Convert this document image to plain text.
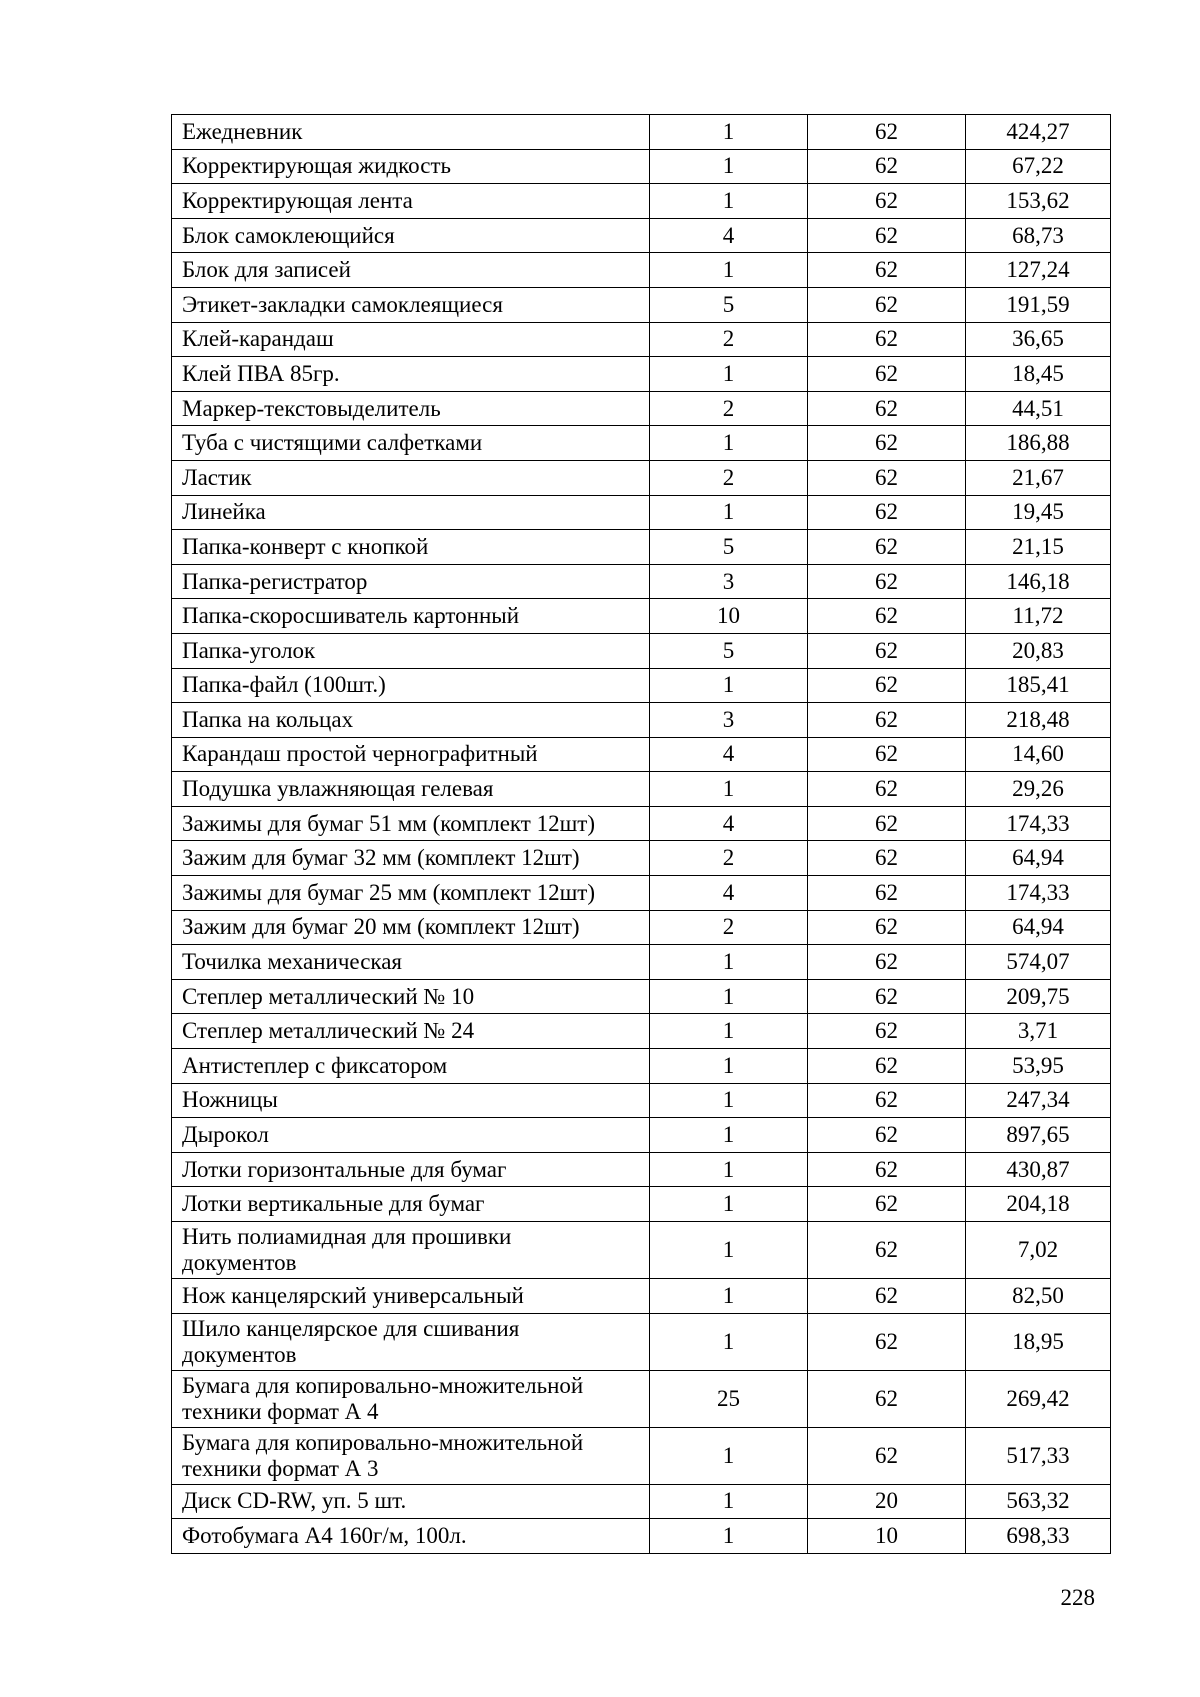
Ежедневник	1	62	424,27

Корректирующая жидкость	1	62	67,22

Корректирующая лента	1	62	153,62

Блок самоклеющийся	4	62	68,73

Блок для записей	1	62	127,24

Этикет-закладки самоклеящиеся	5	62	191,59

Клей-карандаш	2	62	36,65

Клей ПВА 85гр.	1	62	18,45

Маркер-текстовыделитель	2	62	44,51

Туба с чистящими салфетками	1	62	186,88

Ластик	2	62	21,67

Линейка	1	62	19,45

Папка-конверт с кнопкой	5	62	21,15

Папка-регистратор	3	62	146,18

Папка-скоросшиватель картонный	10	62	11,72

Папка-уголок	5	62	20,83

Папка-файл (100шт.)	1	62	185,41

Папка на кольцах	3	62	218,48

Карандаш простой чернографитный	4	62	14,60

Подушка увлажняющая гелевая	1	62	29,26

Зажимы для бумаг 51 мм (комплект 12шт)	4	62	174,33

Зажим для бумаг 32 мм (комплект 12шт)	2	62	64,94

Зажимы для бумаг 25 мм (комплект 12шт)	4	62	174,33

Зажим для бумаг 20 мм (комплект 12шт)	2	62	64,94

Точилка механическая	1	62	574,07

Степлер металлический № 10	1	62	209,75

Степлер металлический № 24	1	62	3,71

Антистеплер с фиксатором	1	62	53,95

Ножницы	1	62	247,34

Дырокол	1	62	897,65

Лотки горизонтальные для бумаг	1	62	430,87

Лотки вертикальные для бумаг	1	62	204,18

Нить полиамидная для прошивки
документов	1	62	7,02

Нож канцелярский универсальный	1	62	82,50

Шило канцелярское для сшивания
документов	1	62	18,95

Бумага для копировально-множительной
техники формат А 4	25	62	269,42

Бумага для копировально-множительной
техники формат А 3	1	62	517,33

Диск CD-RW, уп. 5 шт.	1	20	563,32

Фотобумага А4 160г/м, 100л.	1	10	698,33
228
